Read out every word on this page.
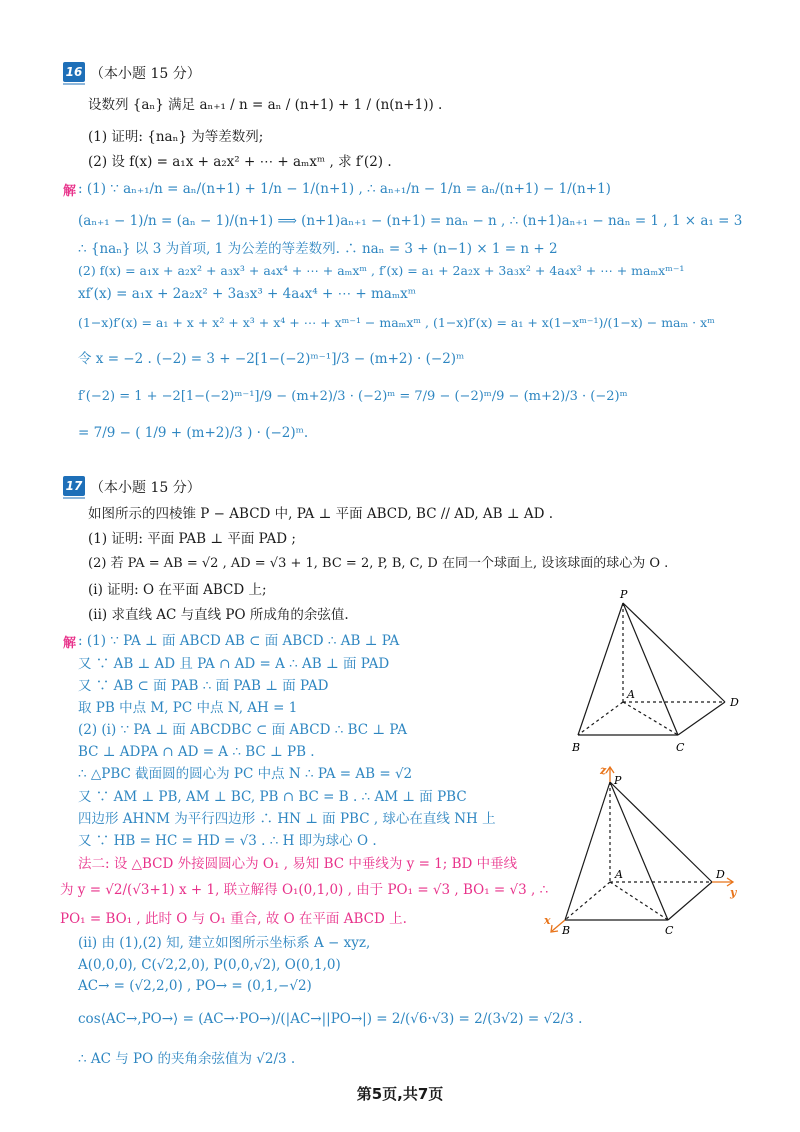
16 （本小题 15 分）
设数列 {aₙ} 满足 aₙ₊₁ / n = aₙ / (n+1) + 1 / (n(n+1)) .
(1) 证明: {naₙ} 为等差数列;
(2) 设 f(x) = a₁x + a₂x² + ⋯ + aₘxᵐ , 求 f′(2) .
解 : (1) ∵ aₙ₊₁/n = aₙ/(n+1) + 1/n − 1/(n+1) , ∴ aₙ₊₁/n − 1/n = aₙ/(n+1) − 1/(n+1)
(aₙ₊₁ − 1)/n = (aₙ − 1)/(n+1) ⟹ (n+1)aₙ₊₁ − (n+1) = naₙ − n , ∴ (n+1)aₙ₊₁ − naₙ = 1 , 1 × a₁ = 3
∴ {naₙ} 以 3 为首项, 1 为公差的等差数列. ∴ naₙ = 3 + (n−1) × 1 = n + 2
(2) f(x) = a₁x + a₂x² + a₃x³ + a₄x⁴ + ⋯ + aₘxᵐ , f′(x) = a₁ + 2a₂x + 3a₃x² + 4a₄x³ + ⋯ + maₘxᵐ⁻¹
xf′(x) = a₁x + 2a₂x² + 3a₃x³ + 4a₄x⁴ + ⋯ + maₘxᵐ
(1−x)f′(x) = a₁ + x + x² + x³ + x⁴ + ⋯ + xᵐ⁻¹ − maₘxᵐ , (1−x)f′(x) = a₁ + x(1−xᵐ⁻¹)/(1−x) − maₘ · xᵐ
令 x = −2 . (−2) = 3 + −2[1−(−2)ᵐ⁻¹]/3 − (m+2) · (−2)ᵐ
f′(−2) = 1 + −2[1−(−2)ᵐ⁻¹]/9 − (m+2)/3 · (−2)ᵐ = 7/9 − (−2)ᵐ/9 − (m+2)/3 · (−2)ᵐ
= 7/9 − ( 1/9 + (m+2)/3 ) · (−2)ᵐ.
17 （本小题 15 分）
如图所示的四棱锥 P − ABCD 中, PA ⊥ 平面 ABCD, BC // AD, AB ⊥ AD .
(1) 证明: 平面 PAB ⊥ 平面 PAD ;
(2) 若 PA = AB = √2 , AD = √3 + 1, BC = 2, P, B, C, D 在同一个球面上, 设该球面的球心为 O .
(i) 证明: O 在平面 ABCD 上;
(ii) 求直线 AC 与直线 PO 所成角的余弦值.
解 : (1) ∵ PA ⊥ 面 ABCD AB ⊂ 面 ABCD ∴ AB ⊥ PA
又 ∵ AB ⊥ AD 且 PA ∩ AD = A ∴ AB ⊥ 面 PAD
又 ∵ AB ⊂ 面 PAB ∴ 面 PAB ⊥ 面 PAD
取 PB 中点 M, PC 中点 N, AH = 1
(2) (i) ∵ PA ⊥ 面 ABCDBC ⊂ 面 ABCD ∴ BC ⊥ PA
BC ⊥ ADPA ∩ AD = A ∴ BC ⊥ PB .
∴ △PBC 截面圆的圆心为 PC 中点 N ∴ PA = AB = √2
又 ∵ AM ⊥ PB, AM ⊥ BC, PB ∩ BC = B . ∴ AM ⊥ 面 PBC
四边形 AHNM 为平行四边形 ∴ HN ⊥ 面 PBC , 球心在直线 NH 上
又 ∵ HB = HC = HD = √3 . ∴ H 即为球心 O .
法二: 设 △BCD 外接圆圆心为 O₁ , 易知 BC 中垂线为 y = 1; BD 中垂线
为 y = √2/(√3+1) x + 1, 联立解得 O₁(0,1,0) , 由于 PO₁ = √3 , BO₁ = √3 , ∴
PO₁ = BO₁ , 此时 O 与 O₁ 重合, 故 O 在平面 ABCD 上.
(ii) 由 (1),(2) 知, 建立如图所示坐标系 A − xyz,
A(0,0,0), C(√2,2,0), P(0,0,√2), O(0,1,0)
AC→ = (√2,2,0) , PO→ = (0,1,−√2)
cos⟨AC→,PO→⟩ = (AC→·PO→)/(|AC→||PO→|) = 2/(√6·√3) = 2/(3√2) = √2/3 .
∴ AC 与 PO 的夹角余弦值为 √2/3 .
P
A
B	C
D
P
A
B	C
D
z
y
x
第5页,共7页
